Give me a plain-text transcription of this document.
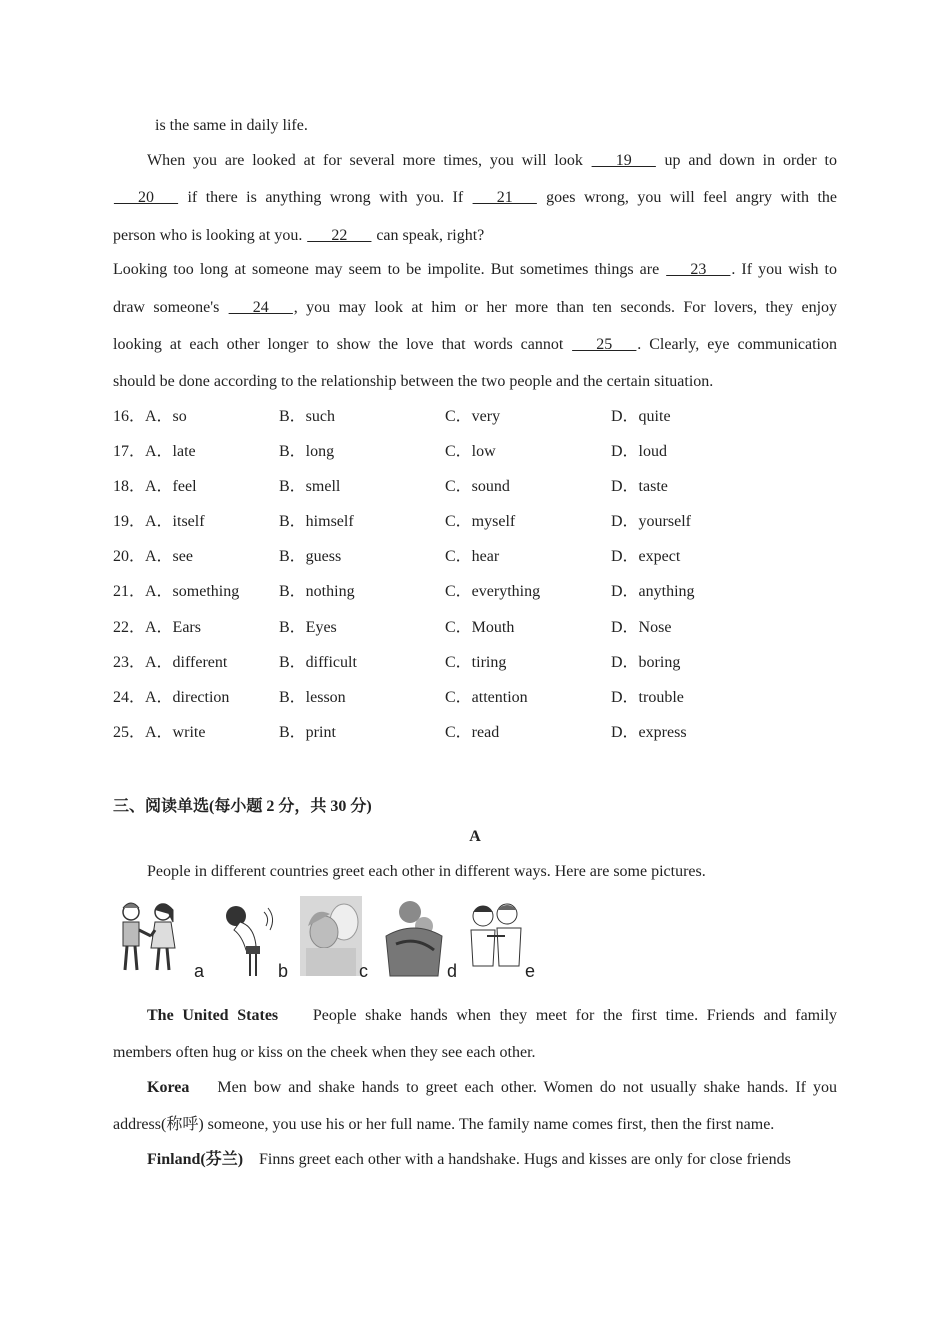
is the same in daily life.
When you are looked at for several more times, you will look ___19___ up and down in order to
___20___ if there is anything wrong with you. If ___21___ goes wrong, you will feel angry with the
person who is looking at you. ___22___ can speak, right?
Looking too long at someone may seem to be impolite. But sometimes things are ___23___. If you wish to
draw someone's ___24___, you may look at him or her more than ten seconds. For lovers, they enjoy
looking at each other longer to show the love that words cannot ___25___. Clearly, eye communication
should be done according to the relationship between the two people and the certain situation.
16．A．so	B．such	C．very	D．quite
17．A．late	B．long	C．low	D．loud
18．A．feel	B．smell	C．sound	D．taste
19．A．itself	B．himself	C．myself	D．yourself
20．A．see	B．guess	C．hear	D．expect
21．A．something B．nothing	C．everything	D．anything
22．A．Ears	B．Eyes	C．Mouth	D．Nose
23．A．different	B．difficult	C．tiring	D．boring
24．A．direction	B．lesson	C．attention	D．trouble
25．A．write	B．print	C．read	D．express
三、阅读单选(每小题 2 分，共 30 分)
A
People in different countries greet each other in different ways. Here are some pictures.
a	b	c	d	e
The United States People shake hands when they meet for the first time. Friends and family
members often hug or kiss on the cheek when they see each other.
Korea Men bow and shake hands to greet each other. Women do not usually shake hands. If you
address(称呼) someone, you use his or her full name. The family name comes first, then the first name.
Finland(芬兰) Finns greet each other with a handshake. Hugs and kisses are only for close friends
